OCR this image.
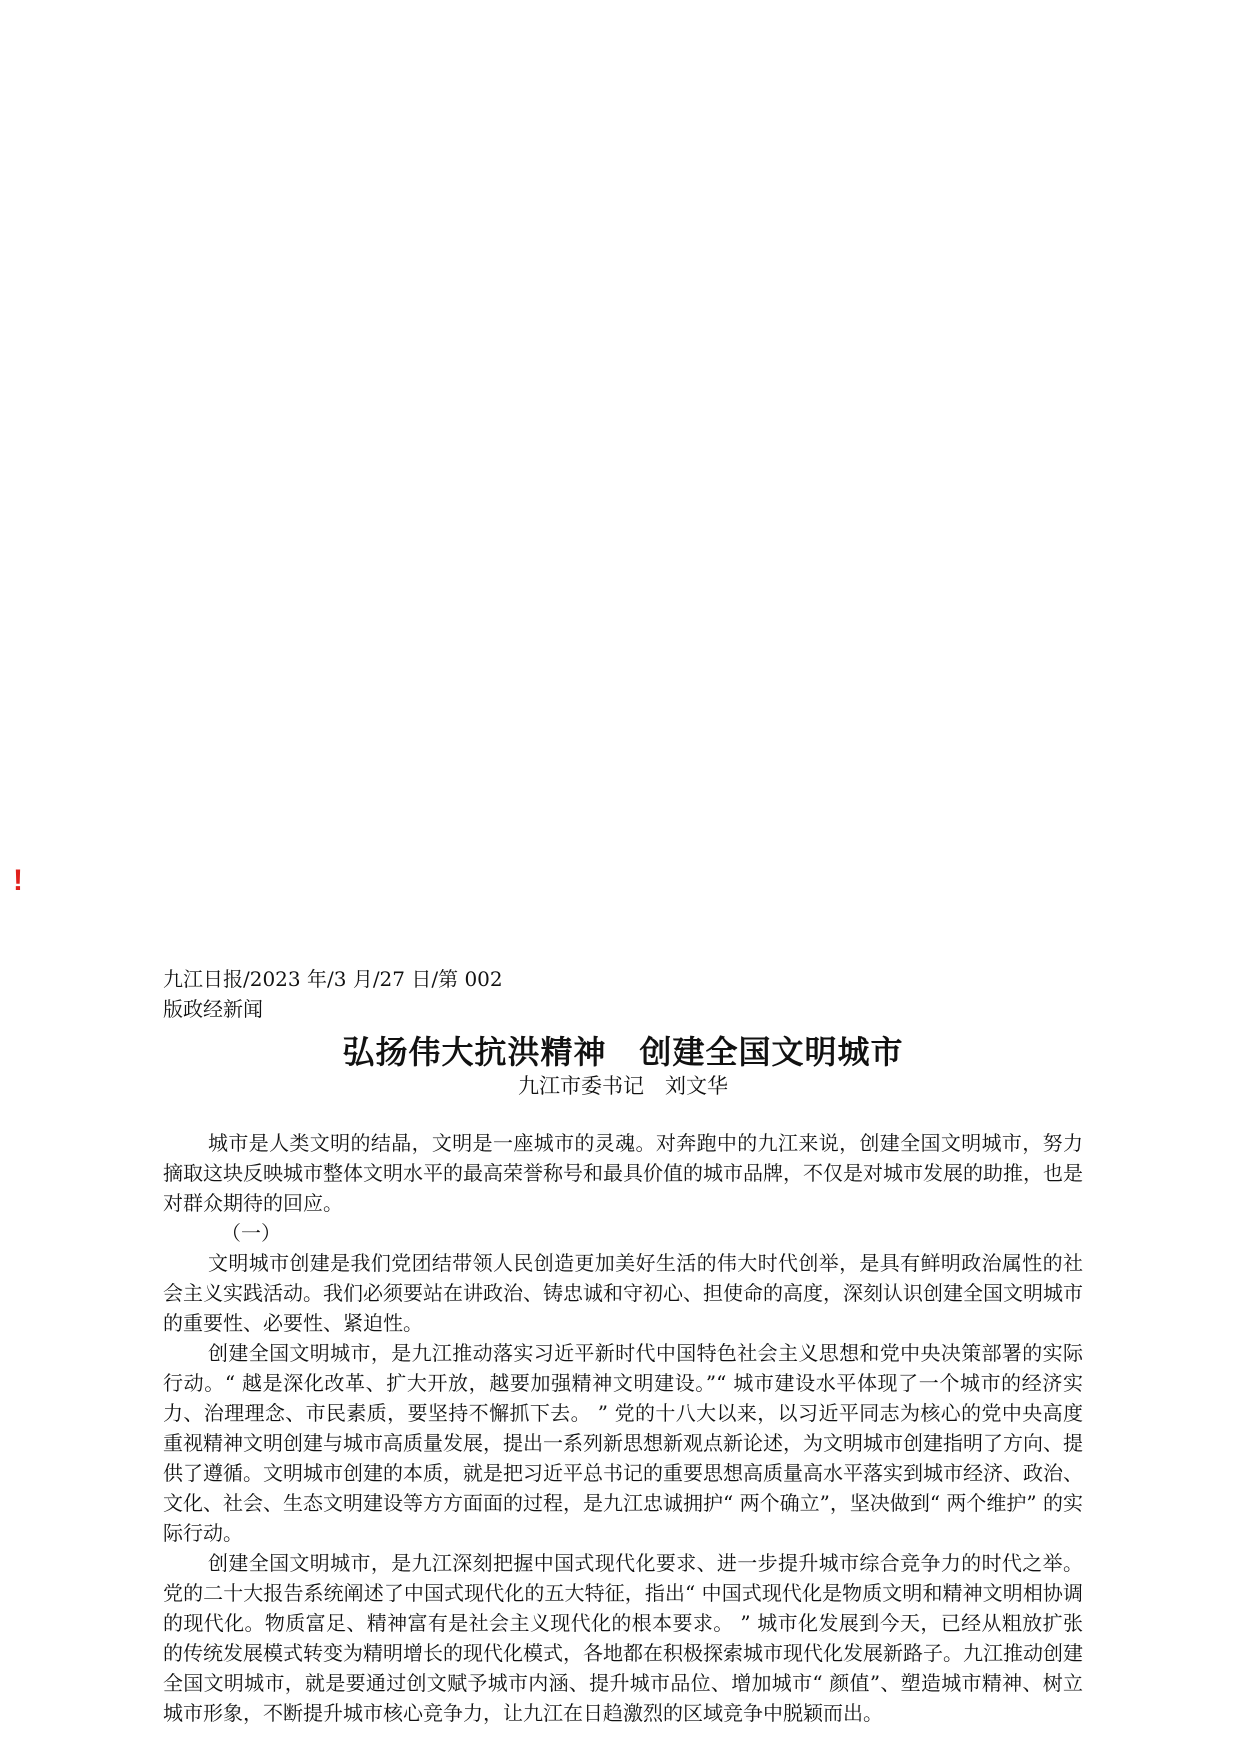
!
九江日报/2023 年/3 月/27 日/第 002 版政经新闻
弘扬伟大抗洪精神　创建全国文明城市
九江市委书记　刘文华

城市是人类文明的结晶，文明是一座城市的灵魂。对奔跑中的九江来说，创建全国文明城市，努力摘取这块反映城市整体文明水平的最高荣誉称号和最具价值的城市品牌，不仅是对城市发展的助推，也是对群众期待的回应。

（一）

文明城市创建是我们党团结带领人民创造更加美好生活的伟大时代创举，是具有鲜明政治属性的社会主义实践活动。我们必须要站在讲政治、铸忠诚和守初心、担使命的高度，深刻认识创建全国文明城市的重要性、必要性、紧迫性。

创建全国文明城市，是九江推动落实习近平新时代中国特色社会主义思想和党中央决策部署的实际行动。“ 越是深化改革、扩大开放，越要加强精神文明建设。”“ 城市建设水平体现了一个城市的经济实力、治理理念、市民素质，要坚持不懈抓下去。 ” 党的十八大以来，以习近平同志为核心的党中央高度重视精神文明创建与城市高质量发展，提出一系列新思想新观点新论述，为文明城市创建指明了方向、提供了遵循。文明城市创建的本质，就是把习近平总书记的重要思想高质量高水平落实到城市经济、政治、文化、社会、生态文明建设等方方面面的过程，是九江忠诚拥护“ 两个确立”，坚决做到“ 两个维护” 的实际行动。

创建全国文明城市，是九江深刻把握中国式现代化要求、进一步提升城市综合竞争力的时代之举。党的二十大报告系统阐述了中国式现代化的五大特征，指出“ 中国式现代化是物质文明和精神文明相协调的现代化。物质富足、精神富有是社会主义现代化的根本要求。 ” 城市化发展到今天，已经从粗放扩张的传统发展模式转变为精明增长的现代化模式，各地都在积极探索城市现代化发展新路子。九江推动创建全国文明城市，就是要通过创文赋予城市内涵、提升城市品位、增加城市“ 颜值”、塑造城市精神、树立城市形象，不断提升城市核心竞争力，让九江在日趋激烈的区域竞争中脱颖而出。
